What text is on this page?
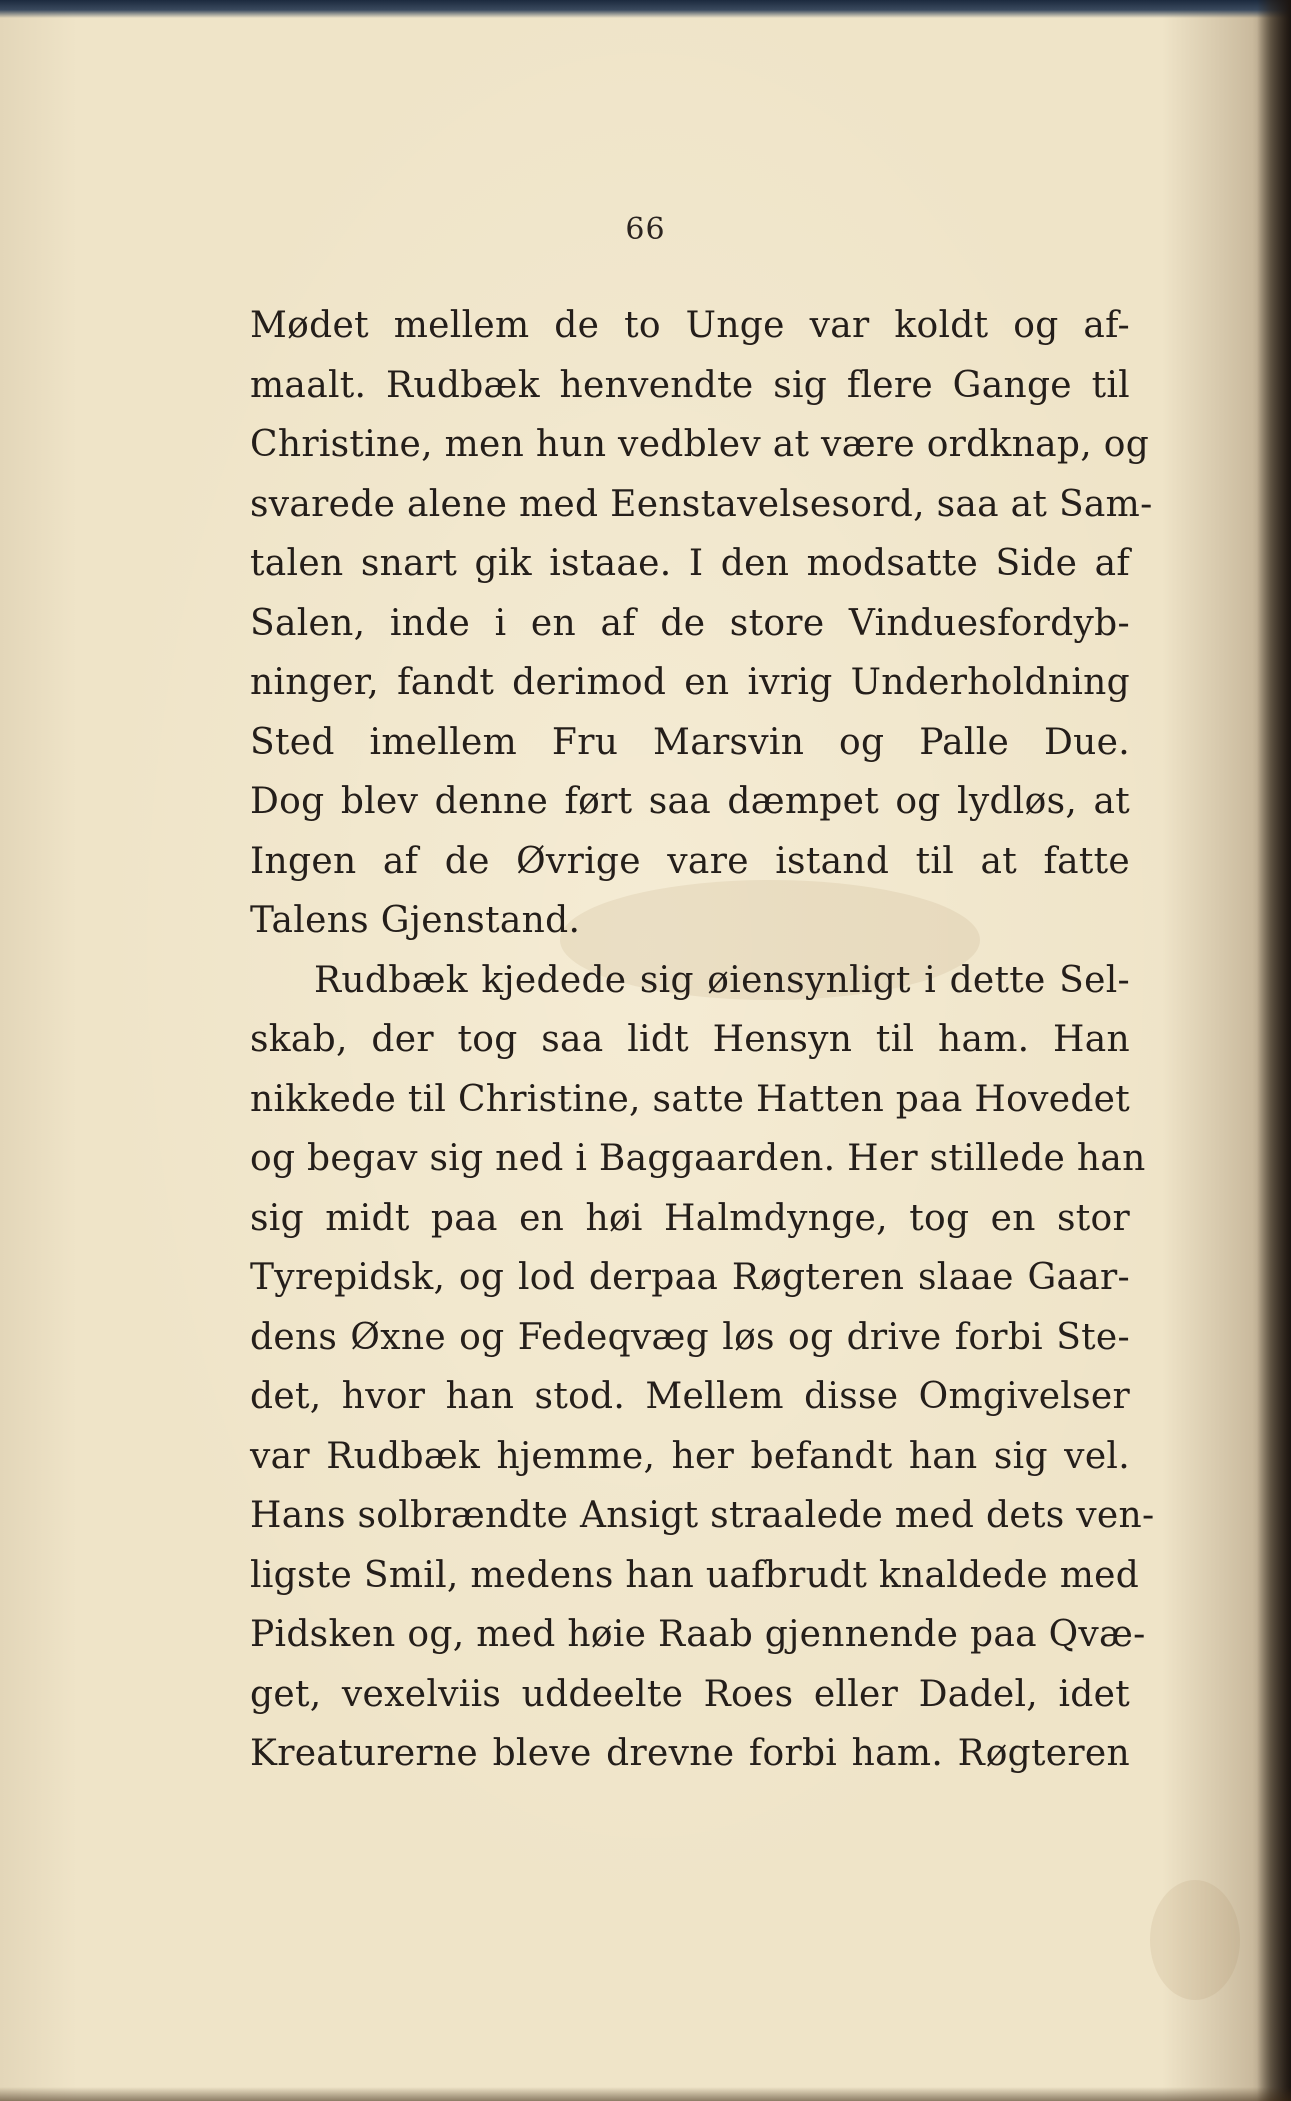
66
Mødet mellem de to Unge var koldt og af-
maalt. Rudbæk henvendte sig flere Gange til
Christine, men hun vedblev at være ordknap, og
svarede alene med Eenstavelsesord, saa at Sam-
talen snart gik istaae. I den modsatte Side af
Salen, inde i en af de store Vinduesfordyb-
ninger, fandt derimod en ivrig Underholdning
Sted imellem Fru Marsvin og Palle Due.
Dog blev denne ført saa dæmpet og lydløs, at
Ingen af de Øvrige vare istand til at fatte
Talens Gjenstand.
Rudbæk kjedede sig øiensynligt i dette Sel-
skab, der tog saa lidt Hensyn til ham. Han
nikkede til Christine, satte Hatten paa Hovedet
og begav sig ned i Baggaarden. Her stillede han
sig midt paa en høi Halmdynge, tog en stor
Tyrepidsk, og lod derpaa Røgteren slaae Gaar-
dens Øxne og Fedeqvæg løs og drive forbi Ste-
det, hvor han stod. Mellem disse Omgivelser
var Rudbæk hjemme, her befandt han sig vel.
Hans solbrændte Ansigt straalede med dets ven-
ligste Smil, medens han uafbrudt knaldede med
Pidsken og, med høie Raab gjennende paa Qvæ-
get, vexelviis uddeelte Roes eller Dadel, idet
Kreaturerne bleve drevne forbi ham. Røgteren
